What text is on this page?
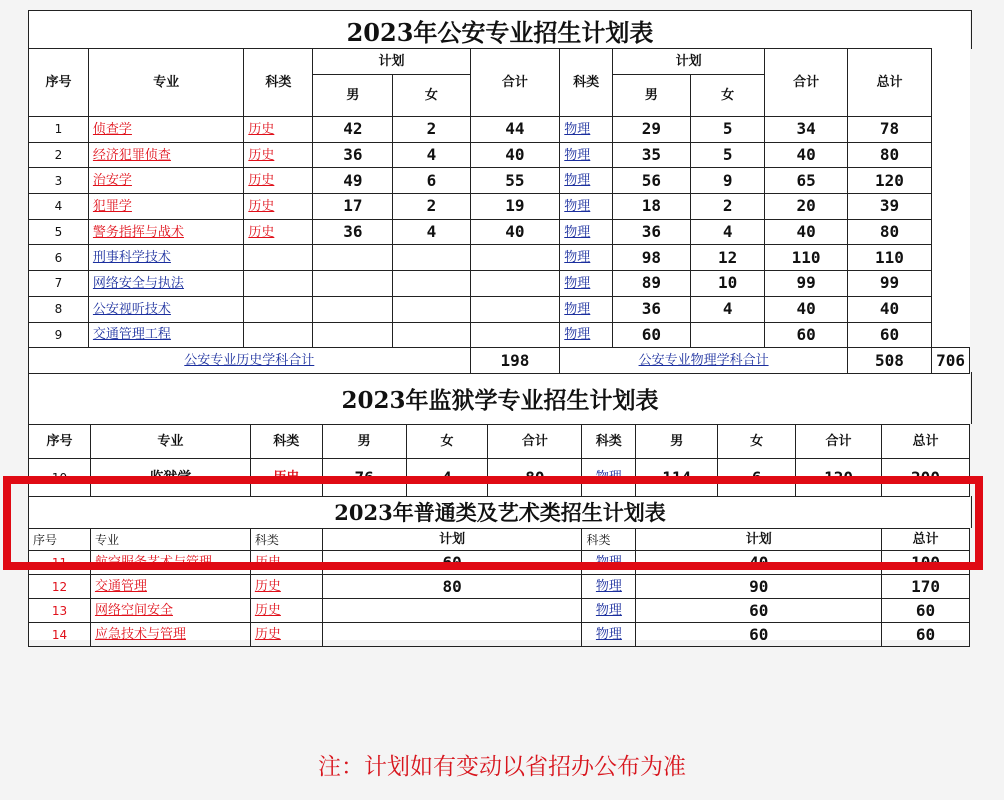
2023年公安专业招生计划表
序号	专业	科类	计划		合计	科类	计划		合计	总计	
			男	女			男	女			
1	侦查学	历史	42	2	44	物理	29	5	34	78	
2	经济犯罪侦查	历史	36	4	40	物理	35	5	40	80	
3	治安学	历史	49	6	55	物理	56	9	65	120	
4	犯罪学	历史	17	2	19	物理	18	2	20	39	
5	警务指挥与战术	历史	36	4	40	物理	36	4	40	80	
6	刑事科学技术					物理	98	12	110	110	
7	网络安全与执法					物理	89	10	99	99	
8	公安视听技术					物理	36	4	40	40	
9	交通管理工程					物理	60		60	60	
公安专业历史学科合计					198	公安专业物理学科合计				508	706
2023年监狱学专业招生计划表
序号	专业	科类	男	女	合计	科类	男	女	合计	总计
10	监狱学	历史	76	4	80	物理	114	6	120	200
2023年普通类及艺术类招生计划表
序号	专业	科类	计划	科类	计划	总计
11	航空服务艺术与管理	历史	60	物理	40	100
12	交通管理	历史	80	物理	90	170
13	网络空间安全	历史		物理	60	60
14	应急技术与管理	历史		物理	60	60
注：计划如有变动以省招办公布为准
